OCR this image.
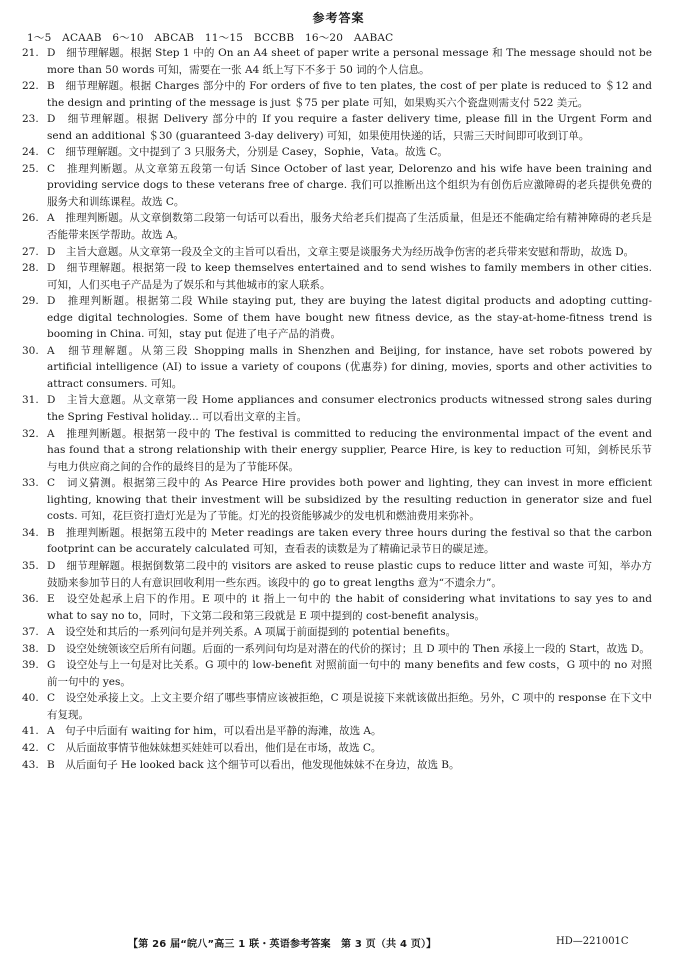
参考答案
1～5　ACAAB　6～10　ABCAB　11～15　BCCBB　16～20　AABAC

21. D　细节理解题。根据 Step 1 中的 On an A4 sheet of paper write a personal message 和 The message should not be more than 50 words 可知，需要在一张 A4 纸上写下不多于 50 词的个人信息。

22. B　细节理解题。根据 Charges 部分中的 For orders of five to ten plates, the cost of per plate is reduced to ＄12 and the design and printing of the message is just ＄75 per plate 可知，如果购买六个瓷盘则需支付 522 美元。

23. D　细节理解题。根据 Delivery 部分中的 If you require a faster delivery time, please fill in the Urgent Form and send an additional ＄30 (guaranteed 3-day delivery) 可知，如果使用快递的话，只需三天时间即可收到订单。

24. C　细节理解题。文中提到了 3 只服务犬，分别是 Casey，Sophie，Vata。故选 C。

25. C　推理判断题。从文章第五段第一句话 Since October of last year, Delorenzo and his wife have been training and providing service dogs to these veterans free of charge. 我们可以推断出这个组织为有创伤后应激障碍的老兵提供免费的服务犬和训练课程。故选 C。

26. A　推理判断题。从文章倒数第二段第一句话可以看出，服务犬给老兵们提高了生活质量，但是还不能确定给有精神障碍的老兵是否能带来医学帮助。故选 A。

27. D　主旨大意题。从文章第一段及全文的主旨可以看出，文章主要是谈服务犬为经历战争伤害的老兵带来安慰和帮助，故选 D。

28. D　细节理解题。根据第一段 to keep themselves entertained and to send wishes to family members in other cities. 可知，人们买电子产品是为了娱乐和与其他城市的家人联系。

29. D　推理判断题。根据第二段 While staying put, they are buying the latest digital products and adopting cutting-edge digital technologies. Some of them have bought new fitness device, as the stay-at-home-fitness trend is booming in China. 可知，stay put 促进了电子产品的消费。

30. A　细节理解题。从第三段 Shopping malls in Shenzhen and Beijing, for instance, have set robots powered by artificial intelligence (AI) to issue a variety of coupons (优惠券) for dining, movies, sports and other activities to attract consumers. 可知。

31. D　主旨大意题。从文章第一段 Home appliances and consumer electronics products witnessed strong sales during the Spring Festival holiday... 可以看出文章的主旨。

32. A　推理判断题。根据第一段中的 The festival is committed to reducing the environmental impact of the event and has found that a strong relationship with their energy supplier, Pearce Hire, is key to reduction 可知，剑桥民乐节与电力供应商之间的合作的最终目的是为了节能环保。

33. C　词义猜测。根据第三段中的 As Pearce Hire provides both power and lighting, they can invest in more efficient lighting, knowing that their investment will be subsidized by the resulting reduction in generator size and fuel costs. 可知，花巨资打造灯光是为了节能。灯光的投资能够减少的发电机和燃油费用来弥补。

34. B　推理判断题。根据第五段中的 Meter readings are taken every three hours during the festival so that the carbon footprint can be accurately calculated 可知，查看表的读数是为了精确记录节日的碳足迹。

35. D　细节理解题。根据倒数第二段中的 visitors are asked to reuse plastic cups to reduce litter and waste 可知，举办方鼓励来参加节日的人有意识回收利用一些东西。该段中的 go to great lengths 意为“不遗余力”。

36. E　设空处起承上启下的作用。E 项中的 it 指上一句中的 the habit of considering what invitations to say yes to and what to say no to，同时，下文第二段和第三段就是 E 项中提到的 cost-benefit analysis。

37. A　设空处和其后的一系列问句是并列关系。A 项属于前面提到的 potential benefits。

38. D　设空处统领该空后所有问题。后面的一系列问句均是对潜在的代价的探讨；且 D 项中的 Then 承接上一段的 Start，故选 D。

39. G　设空处与上一句是对比关系。G 项中的 low-benefit 对照前面一句中的 many benefits and few costs，G 项中的 no 对照前一句中的 yes。

40. C　设空处承接上文。上文主要介绍了哪些事情应该被拒绝，C 项是说接下来就该做出拒绝。另外，C 项中的 response 在下文中有复现。

41. A　句子中后面有 waiting for him，可以看出是平静的海滩，故选 A。

42. C　从后面故事情节他妹妹想买娃娃可以看出，他们是在市场，故选 C。

43. B　从后面句子 He looked back 这个细节可以看出，他发现他妹妹不在身边，故选 B。

【第 26 届“皖八”高三 1 联・英语参考答案　第 3 页（共 4 页）】	HD—221001C
